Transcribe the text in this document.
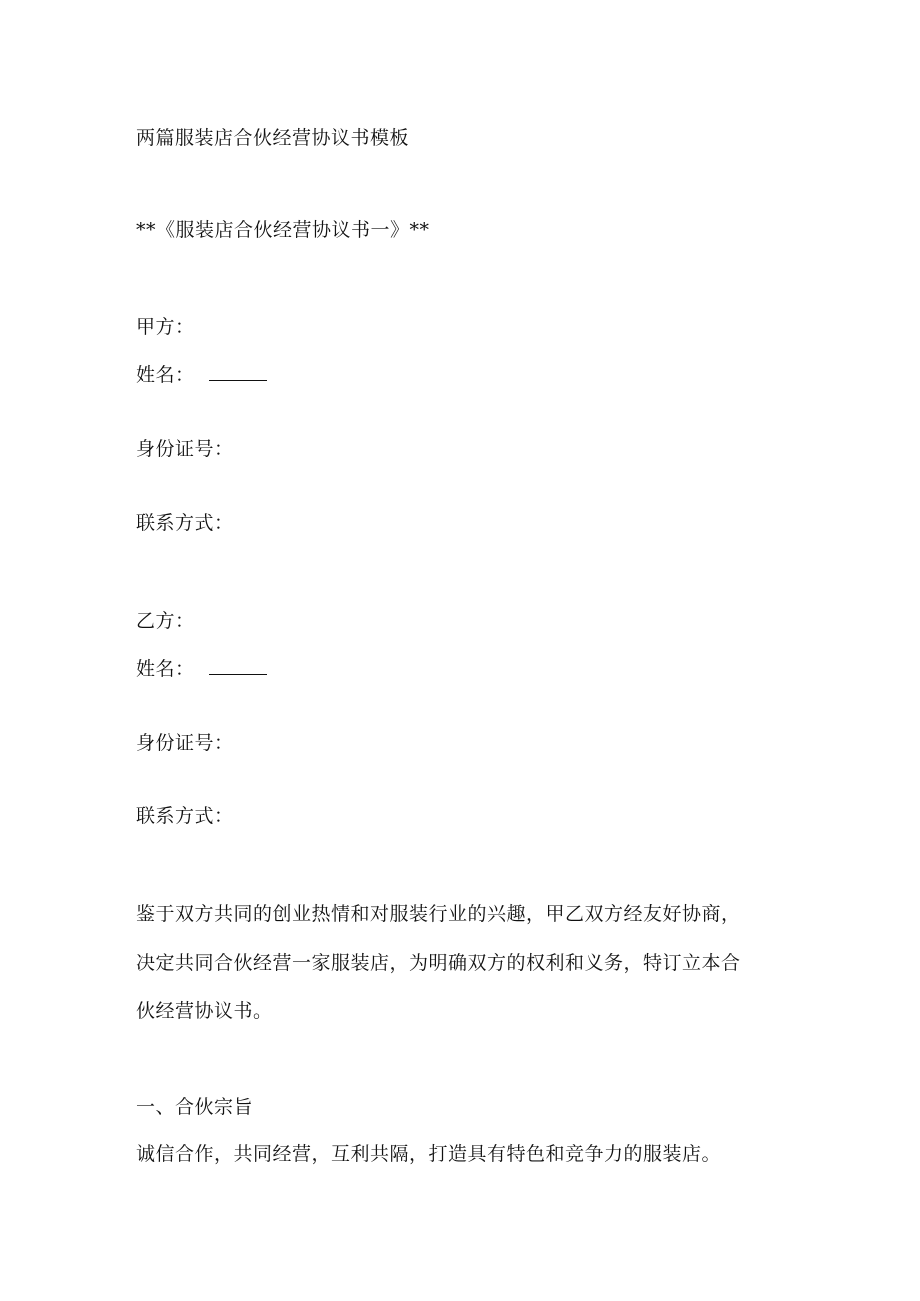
两篇服装店合伙经营协议书模板
**《服装店合伙经营协议书一》**
甲方：
姓名：
身份证号：
联系方式：
乙方：
姓名：
身份证号：
联系方式：
鉴于双方共同的创业热情和对服装行业的兴趣，甲乙双方经友好协商，
决定共同合伙经营一家服装店，为明确双方的权利和义务，特订立本合
伙经营协议书。
一、合伙宗旨
诚信合作，共同经营，互利共隔，打造具有特色和竞争力的服装店。
